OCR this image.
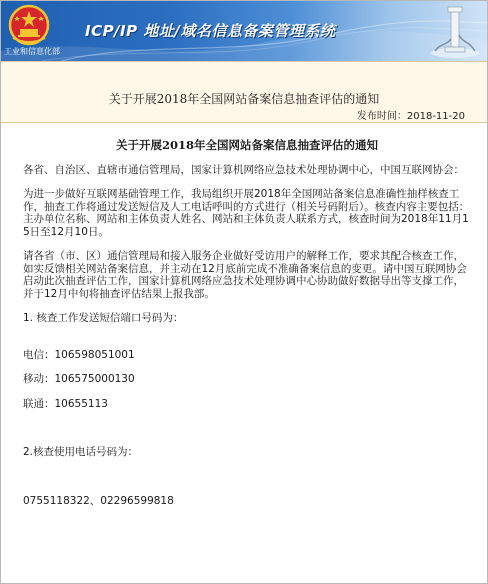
工业和信息化部
ICP/IP 地址/域名信息备案管理系统
关于开展2018年全国网站备案信息抽查评估的通知
发布时间：2018-11-20
关于开展2018年全国网站备案信息抽查评估的通知

各省、自治区、直辖市通信管理局，国家计算机网络应急技术处理协调中心，中国互联网协会：

为进一步做好互联网基础管理工作，我局组织开展2018年全国网站备案信息准确性抽样核查工作，抽查工作将通过发送短信及人工电话呼叫的方式进行（相关号码附后）。核查内容主要包括：主办单位名称、网站和主体负责人姓名、网站和主体负责人联系方式，核查时间为2018年11月15日至12月10日。

请各省（市、区）通信管理局和接入服务企业做好受访用户的解释工作，要求其配合核查工作，如实反馈相关网站备案信息，并主动在12月底前完成不准确备案信息的变更。请中国互联网协会启动此次抽查评估工作，国家计算机网络应急技术处理协调中心协助做好数据导出等支撑工作，并于12月中旬将抽查评估结果上报我部。

1. 核查工作发送短信端口号码为：

电信：106598051001

移动：106575000130

联通：10655113

2.核查使用电话号码为：

0755118322、02296599818
